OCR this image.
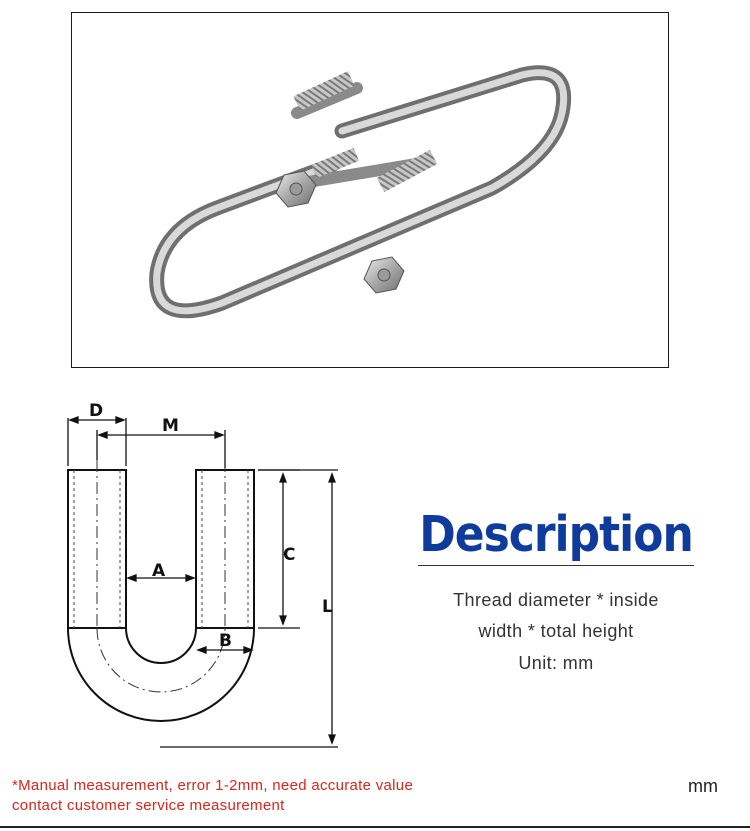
D
M
A
C
L
B
Description
Thread diameter * inside
width * total height
Unit: mm
*Manual measurement, error 1-2mm, need accurate value
contact customer service measurement
mm
